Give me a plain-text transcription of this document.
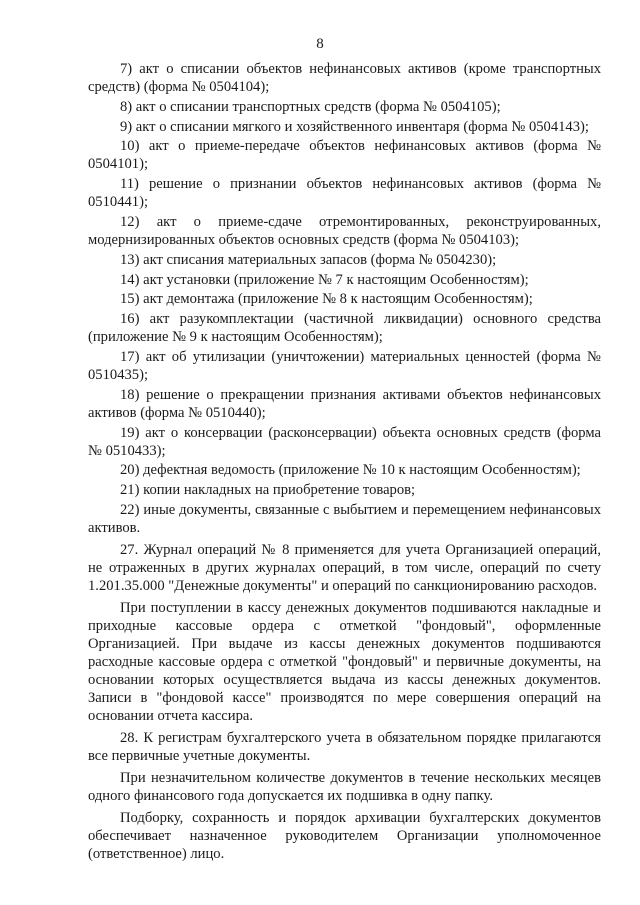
8

7) акт о списании объектов нефинансовых активов (кроме транспортных средств) (форма № 0504104);

8) акт о списании транспортных средств (форма № 0504105);

9) акт о списании мягкого и хозяйственного инвентаря (форма № 0504143);

10) акт о приеме-передаче объектов нефинансовых активов (форма № 0504101);

11) решение о признании объектов нефинансовых активов (форма № 0510441);

12) акт о приеме-сдаче отремонтированных, реконструированных, модернизированных объектов основных средств (форма № 0504103);

13) акт списания материальных запасов (форма № 0504230);

14) акт установки (приложение № 7 к настоящим Особенностям);

15) акт демонтажа (приложение № 8 к настоящим Особенностям);

16) акт разукомплектации (частичной ликвидации) основного средства (приложение № 9 к настоящим Особенностям);

17) акт об утилизации (уничтожении) материальных ценностей (форма № 0510435);

18) решение о прекращении признания активами объектов нефинансовых активов (форма № 0510440);

19) акт о консервации (расконсервации) объекта основных средств (форма № 0510433);

20) дефектная ведомость (приложение № 10 к настоящим Особенностям);

21) копии накладных на приобретение товаров;

22) иные документы, связанные с выбытием и перемещением нефинансовых активов.

27. Журнал операций № 8 применяется для учета Организацией операций, не отраженных в других журналах операций, в том числе, операций по счету 1.201.35.000 "Денежные документы" и операций по санкционированию расходов.

При поступлении в кассу денежных документов подшиваются накладные и приходные кассовые ордера с отметкой "фондовый", оформленные Организацией. При выдаче из кассы денежных документов подшиваются расходные кассовые ордера с отметкой "фондовый" и первичные документы, на основании которых осуществляется выдача из кассы денежных документов. Записи в "фондовой кассе" производятся по мере совершения операций на основании отчета кассира.

28. К регистрам бухгалтерского учета в обязательном порядке прилагаются все первичные учетные документы.

При незначительном количестве документов в течение нескольких месяцев одного финансового года допускается их подшивка в одну папку.

Подборку, сохранность и порядок архивации бухгалтерских документов обеспечивает назначенное руководителем Организации уполномоченное (ответственное) лицо.
